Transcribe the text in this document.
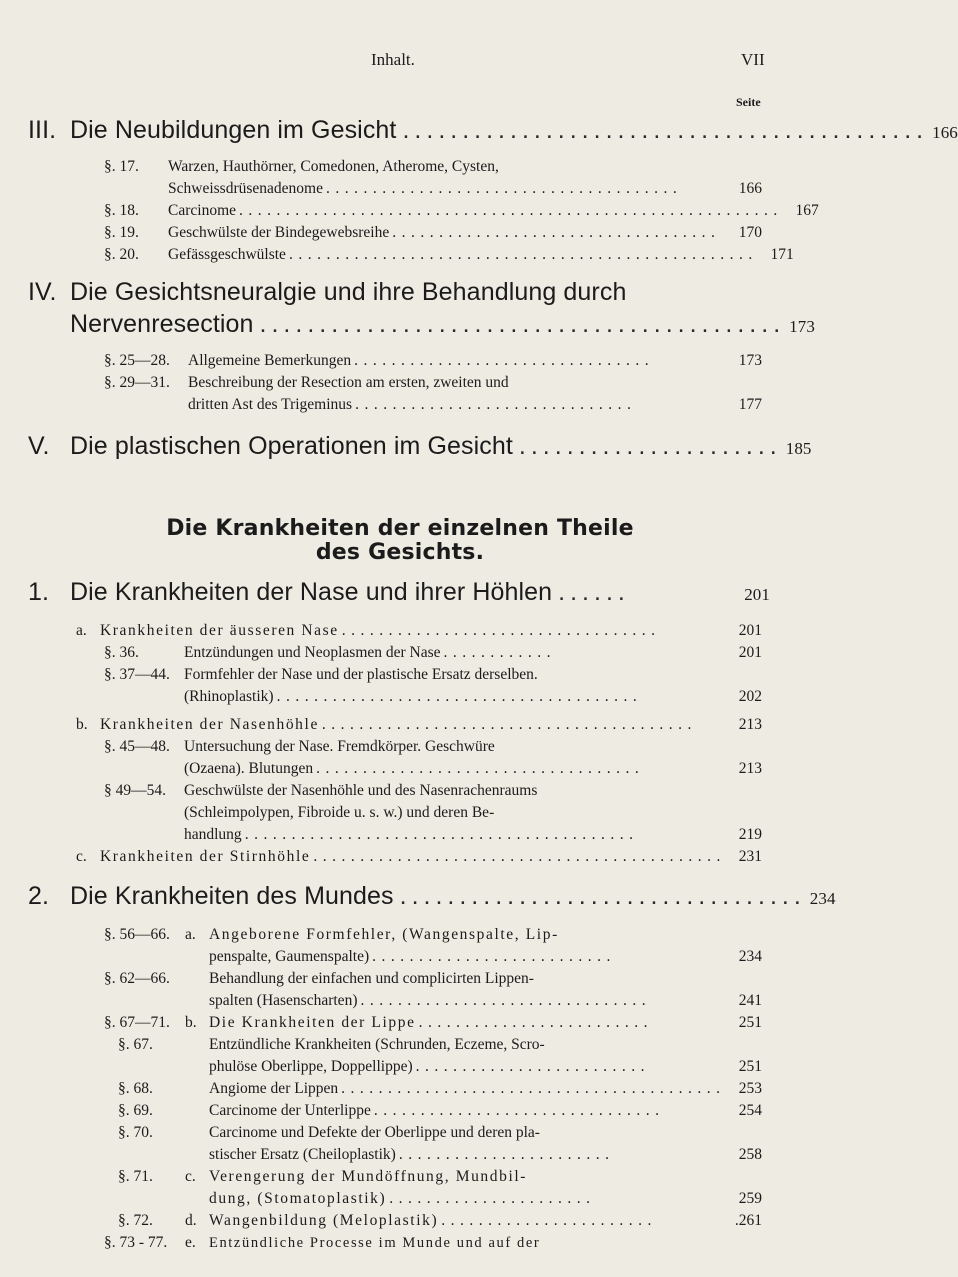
Inhalt.	VII
Seite
III. Die Neubildungen im Gesicht ............................................ 166
§. 17.	Warzen, Hauthörner, Comedonen, Atherome, Cysten,
Schweissdrüsenadenome ......................................	166
§. 18.	Carcinome .......................................................... 167
§. 19.	Geschwülste der Bindegewebsreihe ...................................	170
§. 20.	Gefässgeschwülste .................................................. 171
IV. Die Gesichtsneuralgie und ihre Behandlung durch
Nervenresection ............................................ 173
§. 25—28.	Allgemeine Bemerkungen ................................	173
§. 29—31.	Beschreibung der Resection am ersten, zweiten und
dritten Ast des Trigeminus ..............................	177
V. Die plastischen Operationen im Gesicht ...................... 185
Die Krankheiten der einzelnen Theile
des Gesichts.
1. Die Krankheiten der Nase und ihrer Höhlen ......	201
a. Krankheiten der äusseren Nase ..................................	201
§. 36.	Entzündungen und Neoplasmen der Nase ............	201
§. 37—44. Formfehler der Nase und der plastische Ersatz derselben.
(Rhinoplastik) .......................................	202
b. Krankheiten der Nasenhöhle ........................................	213
§. 45—48. Untersuchung der Nase. Fremdkörper. Geschwüre
(Ozaena). Blutungen ...................................	213
§ 49—54.	Geschwülste der Nasenhöhle und des Nasenrachenraums
(Schleimpolypen, Fibroide u. s. w.) und deren Be-
handlung ..........................................	219
c. Krankheiten der Stirnhöhle ............................................ 231
2. Die Krankheiten des Mundes .................................. 234
§. 56—66. a. Angeborene Formfehler, (Wangenspalte, Lip-
penspalte, Gaumenspalte) ..........................	234
§. 62—66.	Behandlung der einfachen und complicirten Lippen-
spalten (Hasenscharten) ...............................	241
§. 67—71. b. Die Krankheiten der Lippe .........................	251
§. 67.	Entzündliche Krankheiten (Schrunden, Eczeme, Scro-
phulöse Oberlippe, Doppellippe) .........................	251
§. 68.	Angiome der Lippen ......................................... 253
§. 69.	Carcinome der Unterlippe ...............................	254
§. 70.	Carcinome und Defekte der Oberlippe und deren pla-
stischer Ersatz (Cheiloplastik) .......................	258
§. 71.	c. Verengerung der Mundöffnung, Mundbil-
dung, (Stomatoplastik) ......................	259
§. 72.	d. Wangenbildung (Meloplastik) .......................	.261
§. 73 - 77.	e. Entzündliche Processe im Munde und auf der
